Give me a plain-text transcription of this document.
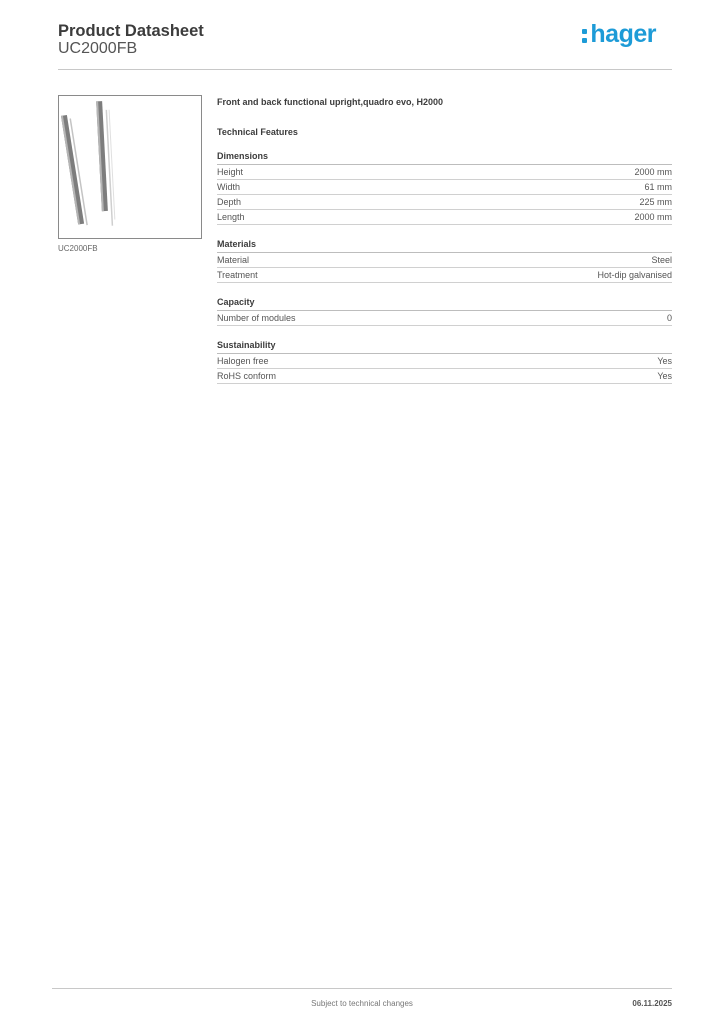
Product Datasheet
UC2000FB
hager
UC2000FB
Front and back functional upright,quadro evo, H2000
Technical Features
Dimensions
Height	2000 mm
Width	61 mm
Depth	225 mm
Length	2000 mm
Materials
Material	Steel
Treatment	Hot-dip galvanised
Capacity
Number of modules	0
Sustainability
Halogen free	Yes
RoHS conform	Yes
Subject to technical changes	06.11.2025
